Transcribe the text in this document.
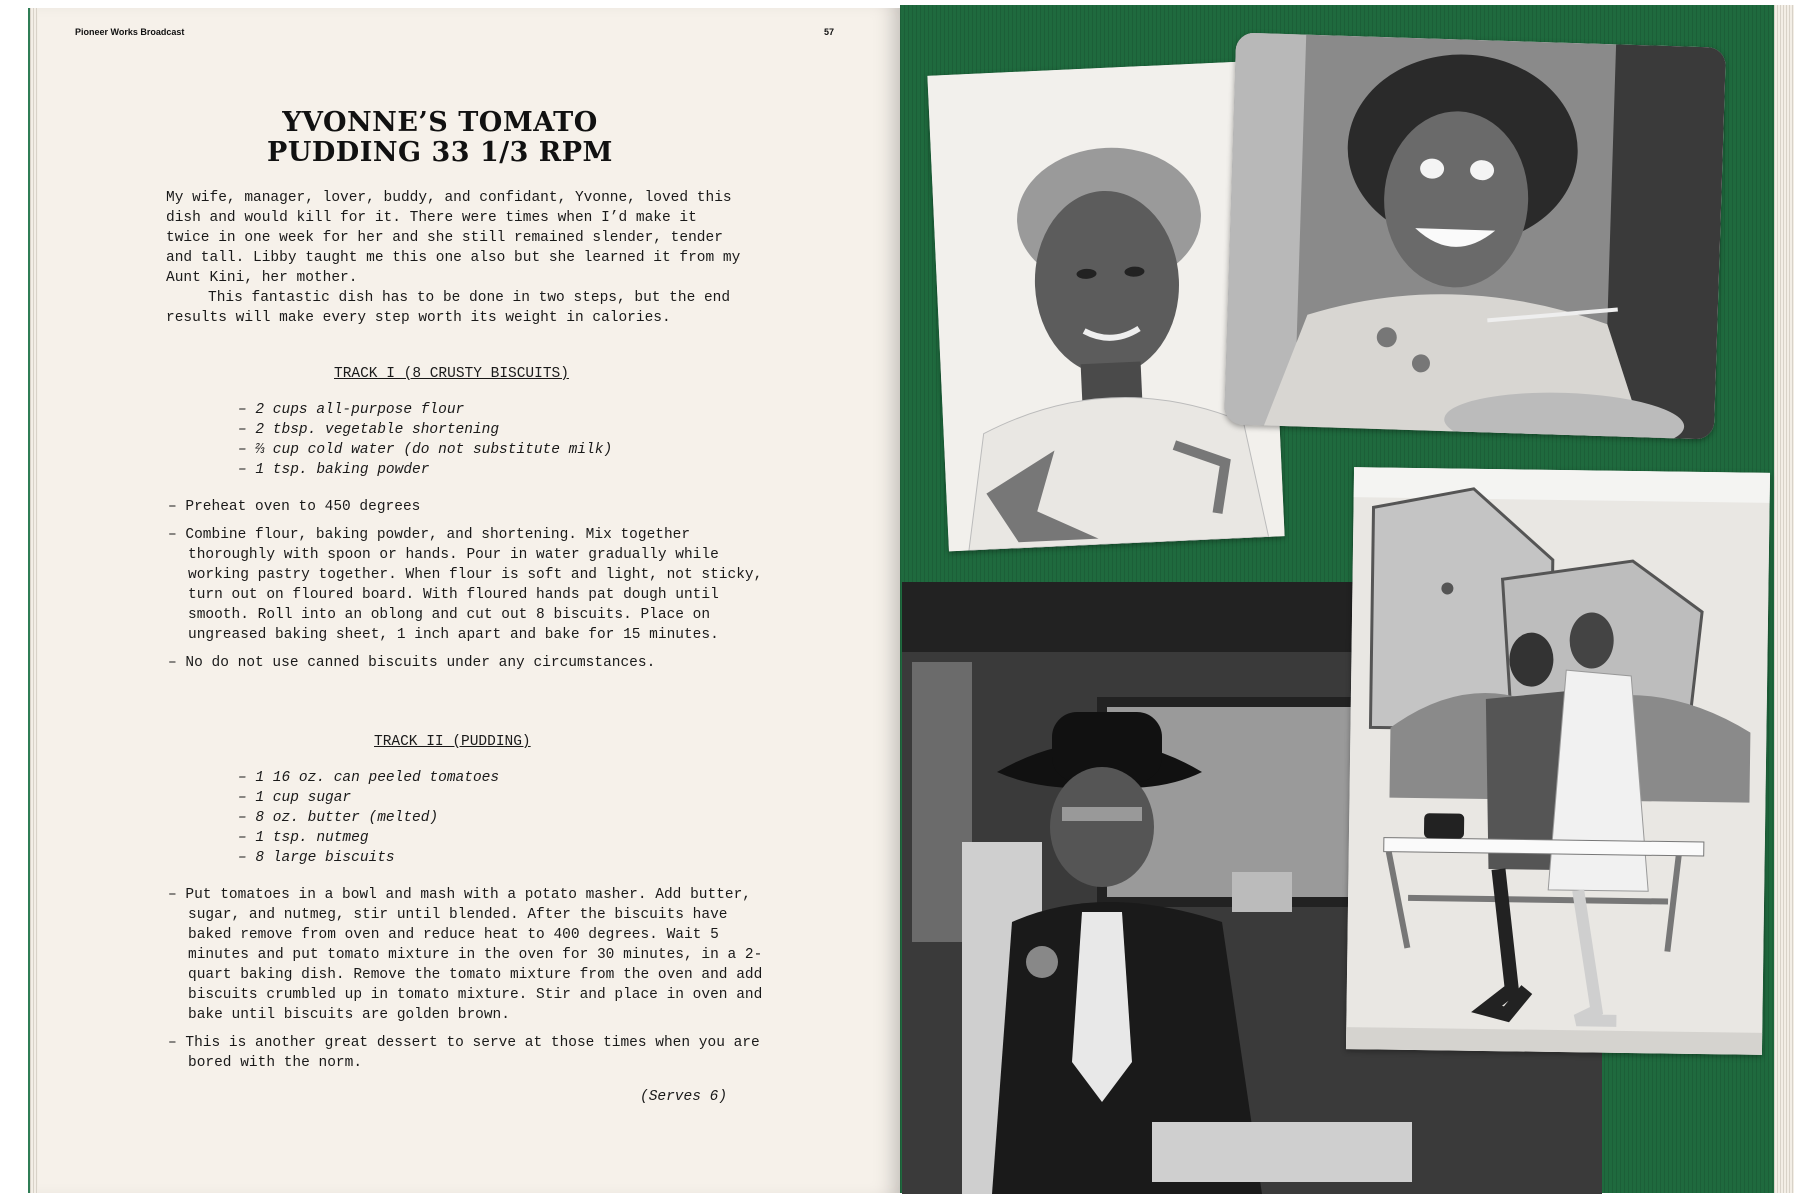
Pioneer Works Broadcast	57
YVONNE’S TOMATO
PUDDING 33 1/3 RPM

My wife, manager, lover, buddy, and confidant, Yvonne, loved this dish and would kill for it. There were times when I’d make it twice in one week for her and she still remained slender, tender and tall. Libby taught me this one also but she learned it from my Aunt Kini, her mother.

This fantastic dish has to be done in two steps, but the end results will make every step worth its weight in calories.

TRACK I (8 CRUSTY BISCUITS)
– 2 cups all-purpose flour
– 2 tbsp. vegetable shortening
– ⅔ cup cold water (do not substitute milk)
– 1 tsp. baking powder
– Preheat oven to 450 degrees
– Combine flour, baking powder, and shortening. Mix together thoroughly with spoon or hands. Pour in water gradually while working pastry together. When flour is soft and light, not sticky, turn out on floured board. With floured hands pat dough until smooth. Roll into an oblong and cut out 8 biscuits. Place on ungreased baking sheet, 1 inch apart and bake for 15 minutes.
– No do not use canned biscuits under any circumstances.
TRACK II (PUDDING)
– 1 16 oz. can peeled tomatoes
– 1 cup sugar
– 8 oz. butter (melted)
– 1 tsp. nutmeg
– 8 large biscuits
– Put tomatoes in a bowl and mash with a potato masher. Add butter, sugar, and nutmeg, stir until blended. After the biscuits have baked remove from oven and reduce heat to 400 degrees. Wait 5 minutes and put tomato mixture in the oven for 30 minutes, in a 2-quart baking dish. Remove the tomato mixture from the oven and add biscuits crumbled up in tomato mixture. Stir and place in oven and bake until biscuits are golden brown.
– This is another great dessert to serve at those times when you are bored with the norm.
(Serves 6)
